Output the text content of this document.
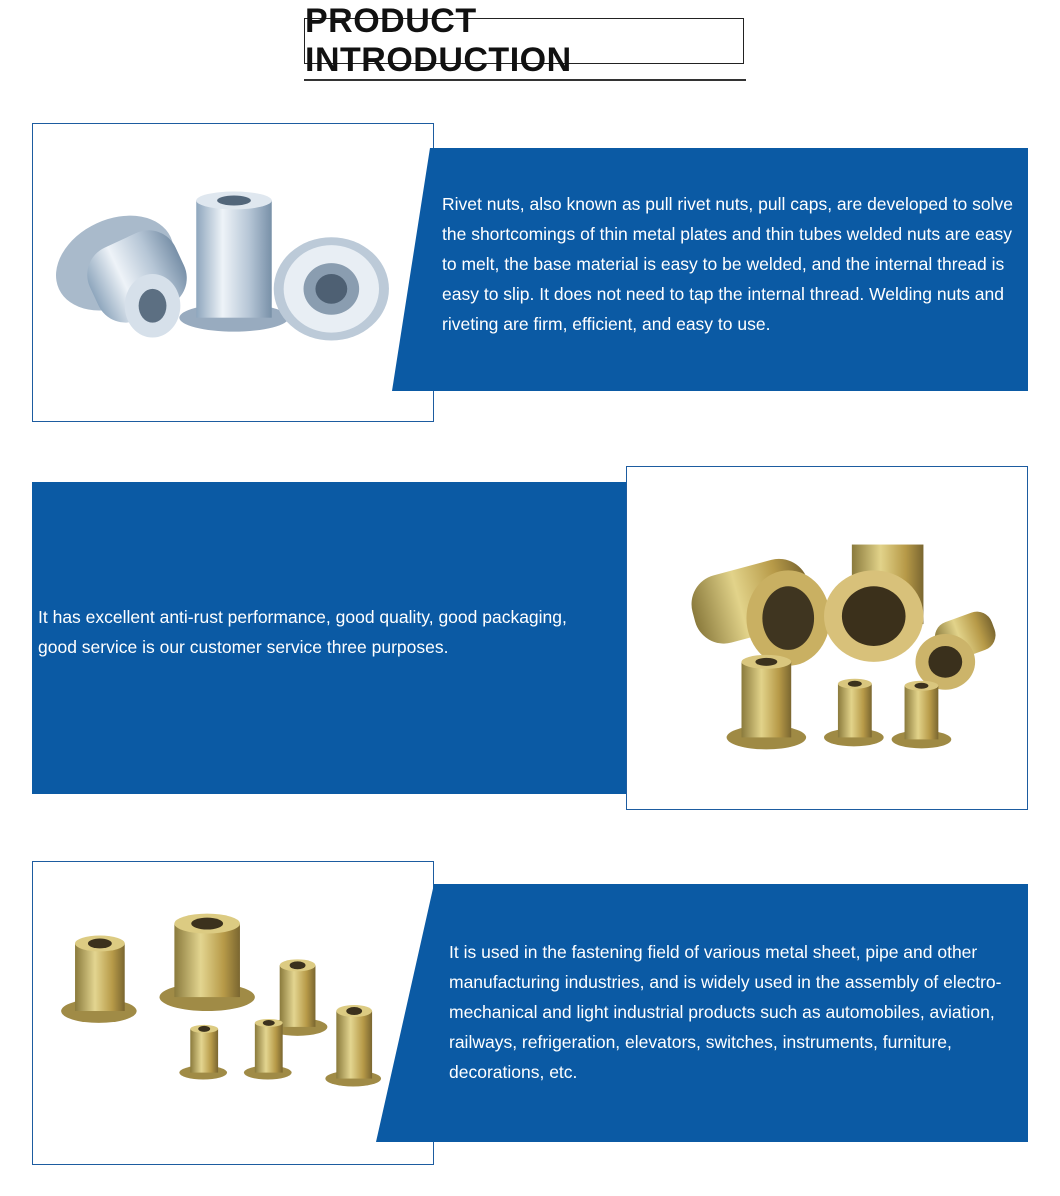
PRODUCT INTRODUCTION
Rivet nuts, also known as pull rivet nuts, pull caps, are developed to solve the shortcomings of thin metal plates and thin tubes welded nuts are easy to melt, the base material is easy to be welded, and the internal thread is easy to slip. It does not need to tap the internal thread. Welding nuts and riveting are firm, efficient, and easy to use.
It has excellent anti-rust performance, good quality, good packaging, good service is our customer service three purposes.
It is used in the fastening field of various metal sheet, pipe and other manufacturing industries, and is widely used in the assembly of electro-mechanical and light industrial products such as automobiles, aviation, railways, refrigeration, elevators, switches, instruments, furniture, decorations, etc.
